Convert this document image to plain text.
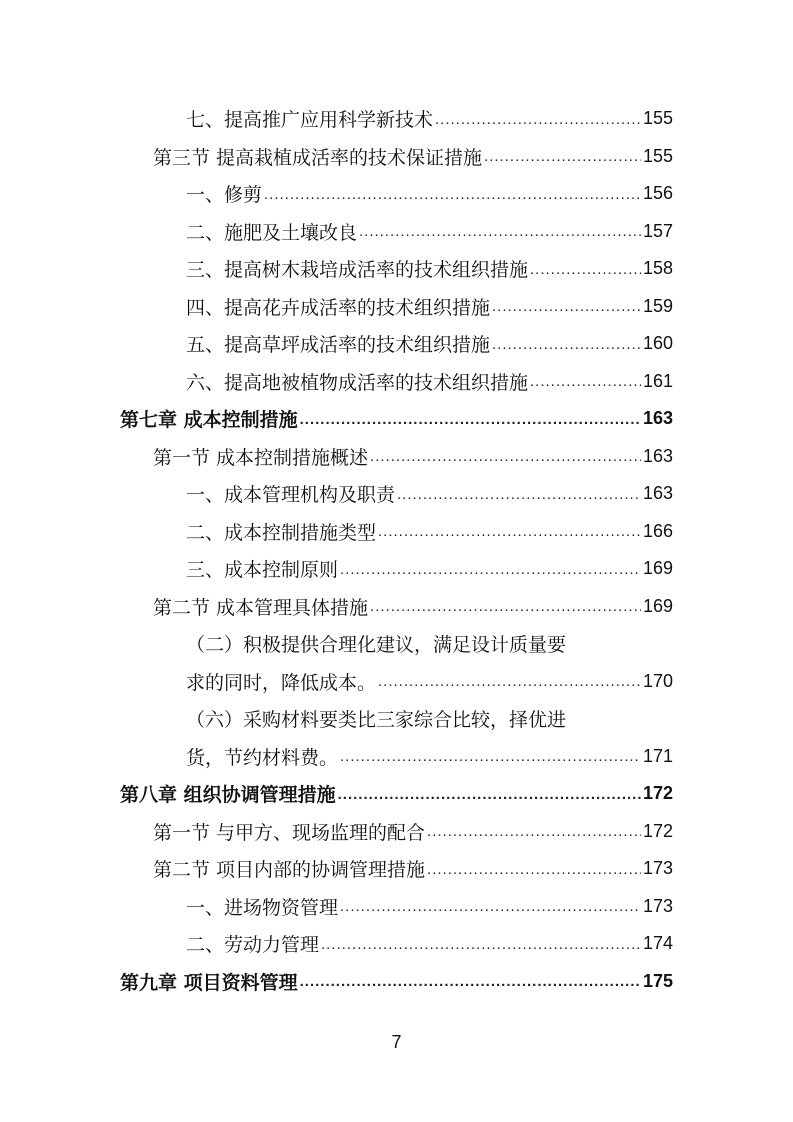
七、提高推广应用科学新技术 .....	155
第三节 提高栽植成活率的技术保证措施 .....	155
一、修剪 .....	156
二、施肥及土壤改良 .....	157
三、提高树木栽培成活率的技术组织措施 .....	158
四、提高花卉成活率的技术组织措施 .....	159
五、提高草坪成活率的技术组织措施 .....	160
六、提高地被植物成活率的技术组织措施 .....	161
第七章 成本控制措施 .....	163
第一节 成本控制措施概述 .....	163
一、成本管理机构及职责 .....	163
二、成本控制措施类型 .....	166
三、成本控制原则 .....	169
第二节 成本管理具体措施 .....	169
（二）积极提供合理化建议，满足设计质量要
求的同时，降低成本。 .....	170
（六）采购材料要类比三家综合比较，择优进
货，节约材料费。 .....	171
第八章 组织协调管理措施 .....	172
第一节 与甲方、现场监理的配合 .....	172
第二节 项目内部的协调管理措施 .....	173
一、进场物资管理 .....	173
二、劳动力管理 .....	174
第九章 项目资料管理 .....	175
7
